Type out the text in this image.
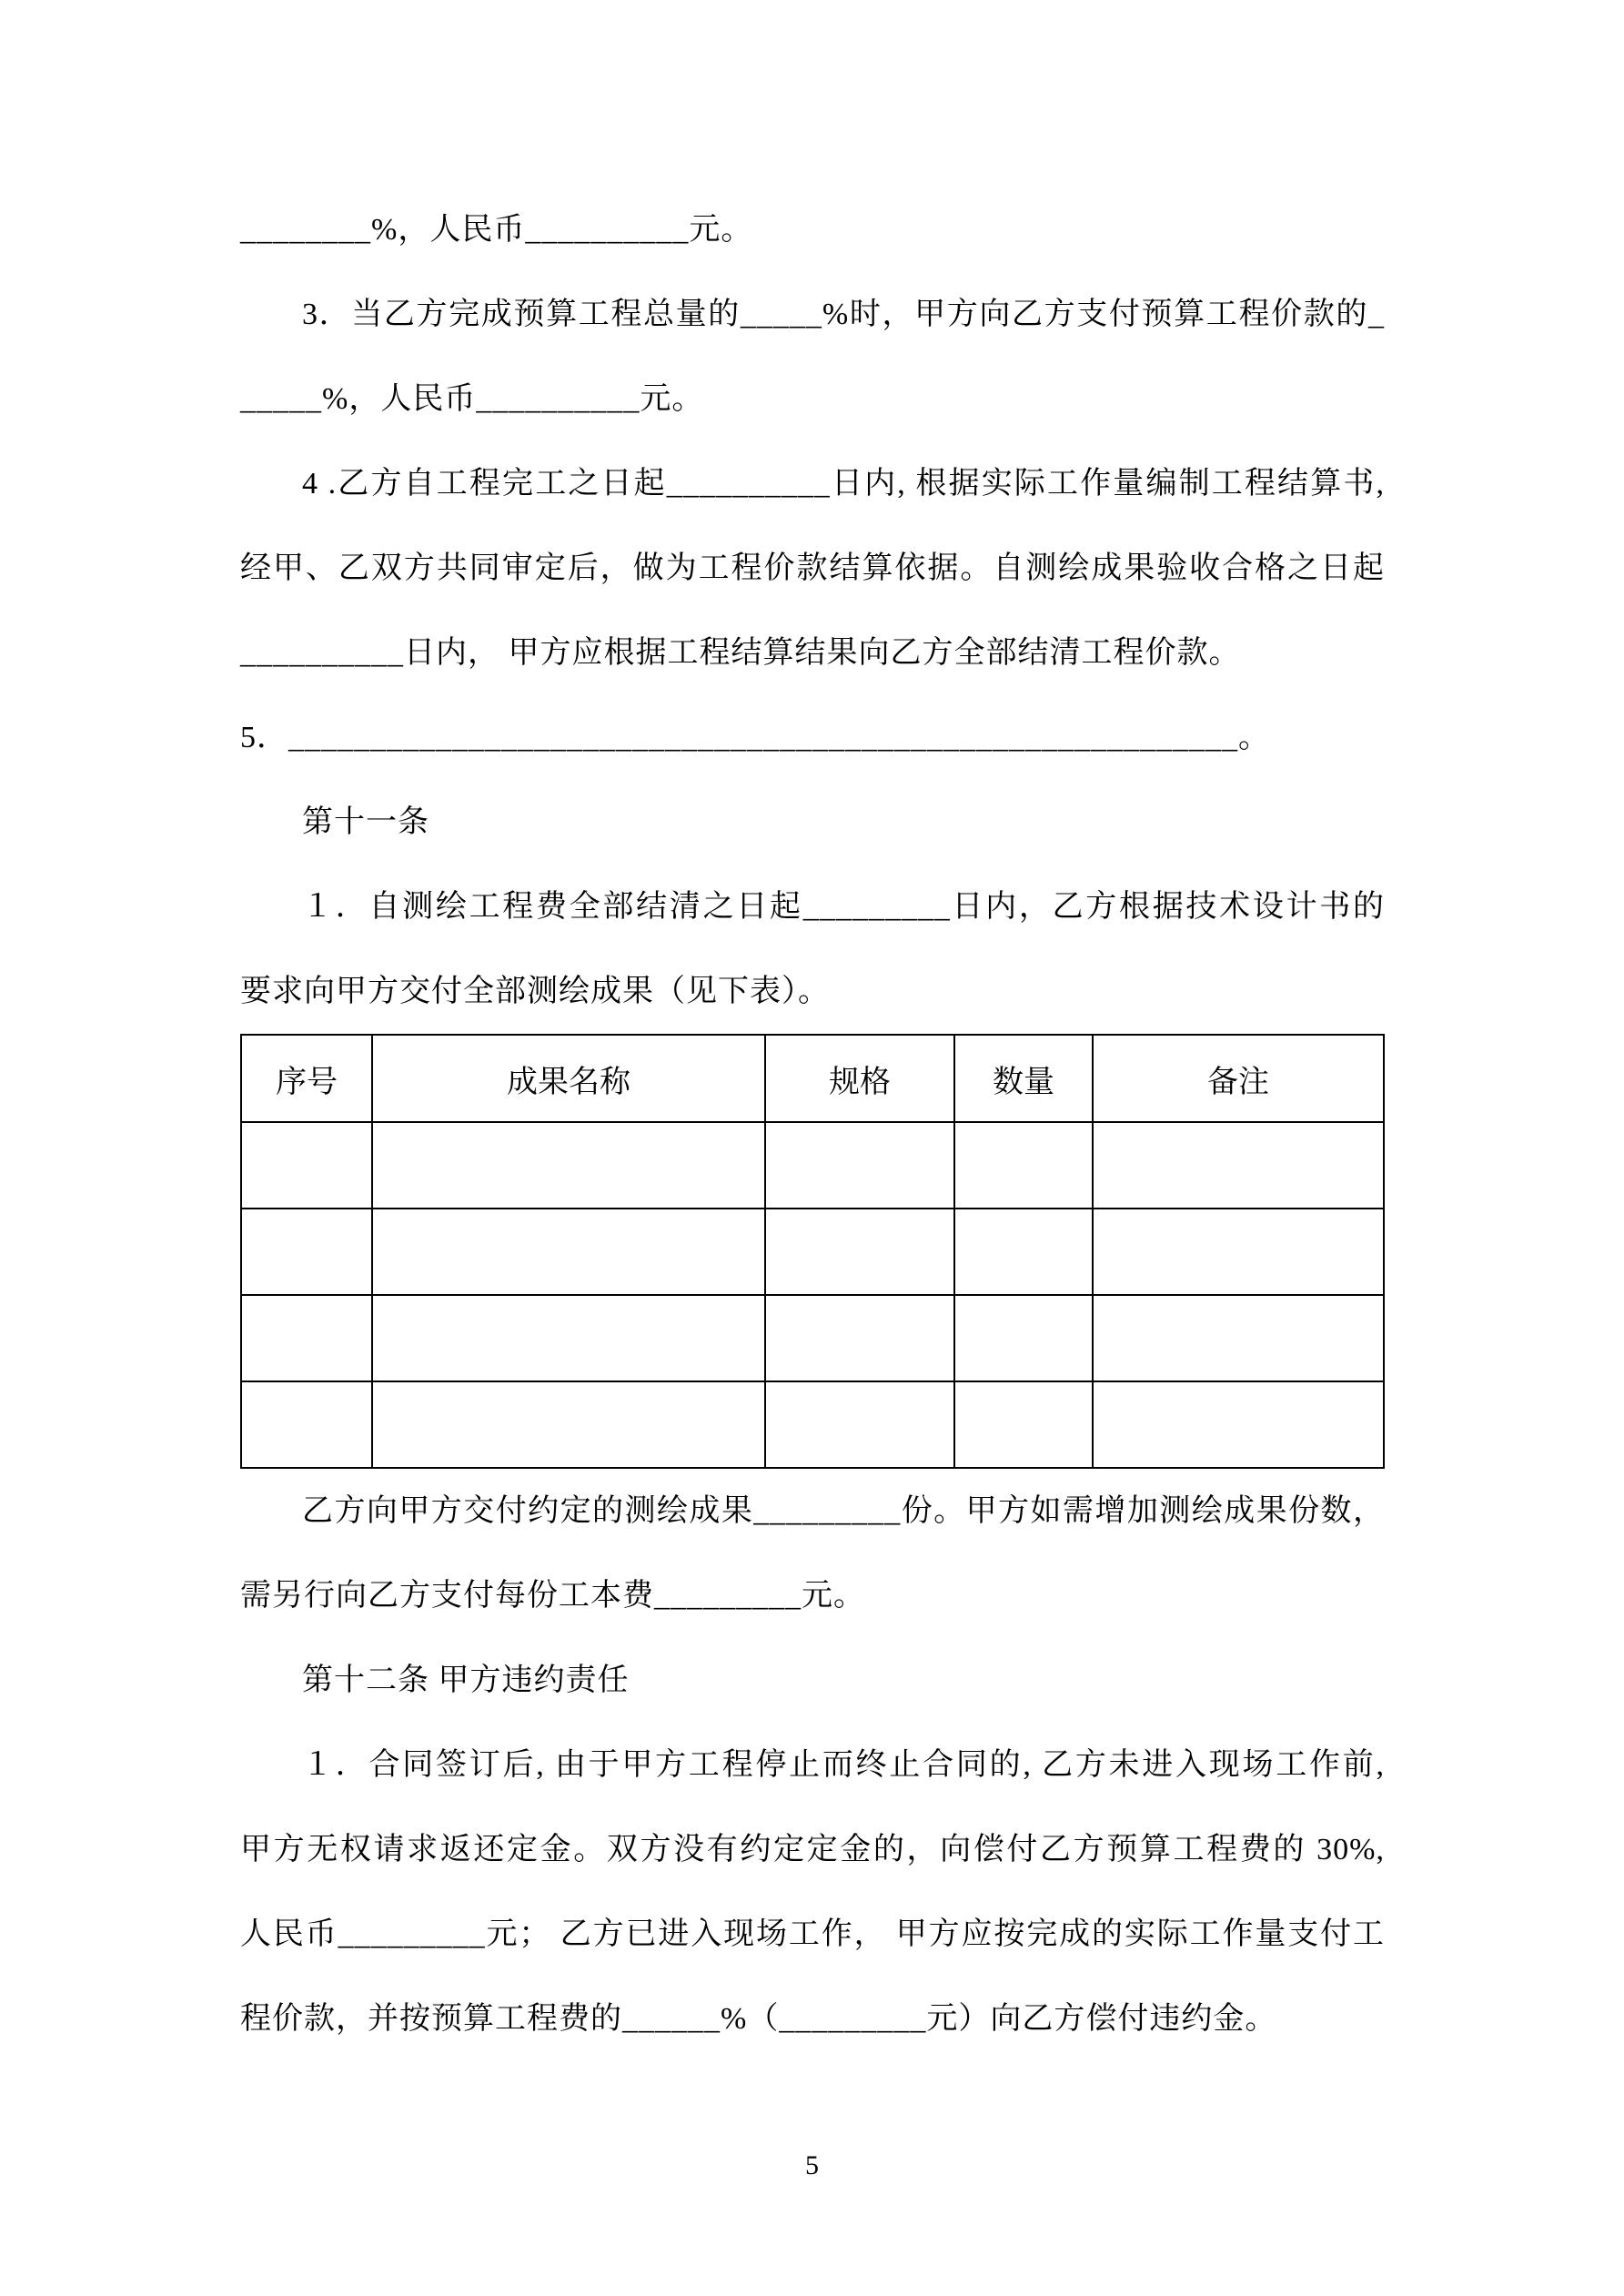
________%，人民币__________元。

3．当乙方完成预算工程总量的_____%时，甲方向乙方支付预算工程价款的_

_____%，人民币__________元。

4 .乙方自工程完工之日起__________日内, 根据实际工作量编制工程结算书,

经甲、乙双方共同审定后，做为工程价款结算依据。自测绘成果验收合格之日起

__________日内， 甲方应根据工程结算结果向乙方全部结清工程价款。

5．__________________________________________________________。

第十一条

１．自测绘工程费全部结清之日起_________日内，乙方根据技术设计书的

要求向甲方交付全部测绘成果（见下表）。

序号	成果名称	规格	数量	备注

乙方向甲方交付约定的测绘成果_________份。甲方如需增加测绘成果份数，

需另行向乙方支付每份工本费_________元。

第十二条 甲方违约责任

１．合同签订后, 由于甲方工程停止而终止合同的, 乙方未进入现场工作前,

甲方无权请求返还定金。双方没有约定定金的，向偿付乙方预算工程费的 30%,

人民币_________元； 乙方已进入现场工作， 甲方应按完成的实际工作量支付工

程价款，并按预算工程费的______%（_________元）向乙方偿付违约金。

5
